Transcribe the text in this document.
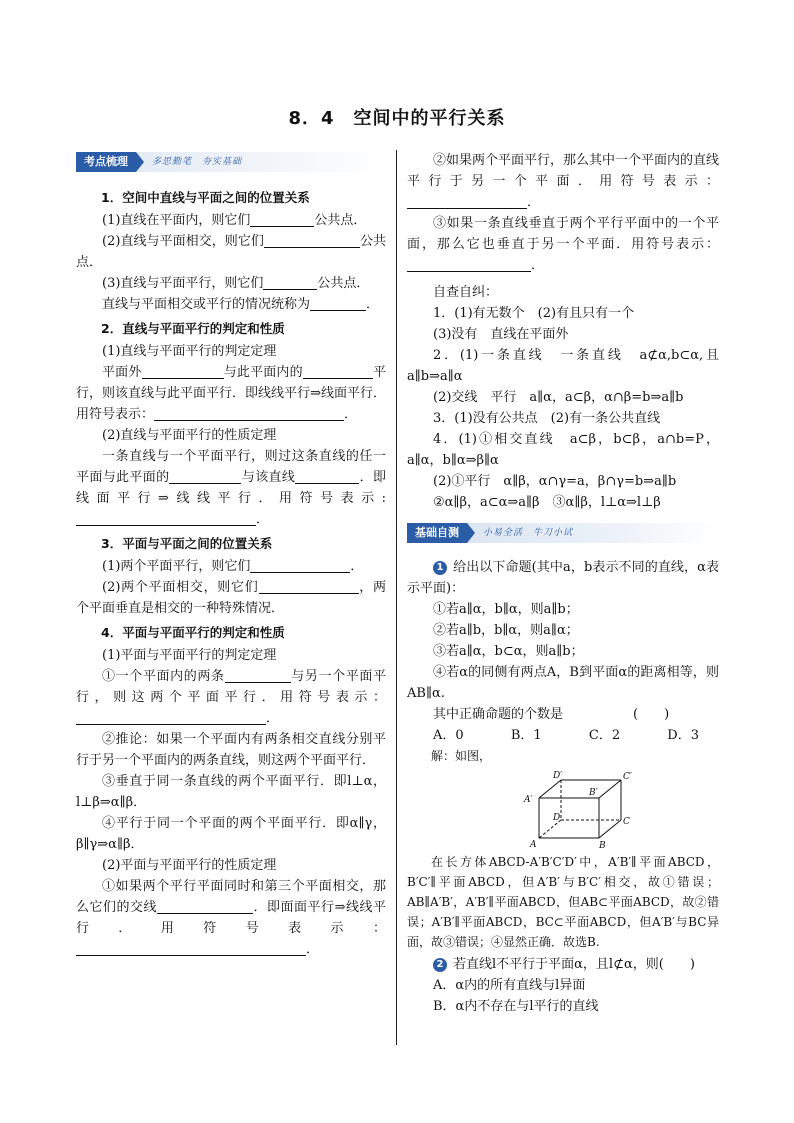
8．4　空间中的平行关系
考点梳理	多思勤笔　夯实基础
1．空间中直线与平面之间的位置关系

(1)直线在平面内，则它们	公共点．

(2)直线与平面相交，则它们	公共点．

(3)直线与平面平行，则它们	公共点．

直线与平面相交或平行的情况统称为	．

2．直线与平面平行的判定和性质

(1)直线与平面平行的判定定理

平面外	与此平面内的	平行，则该直线与此平面平行．即线线平行⇒线面平行．用符号表示：	．

(2)直线与平面平行的性质定理

一条直线与一个平面平行，则过这条直线的任一平面与此平面的	与该直线	．即线面平行⇒线线平行．用符号表示:．

3．平面与平面之间的位置关系

(1)两个平面平行，则它们	．

(2)两个平面相交，则它们	，两个平面垂直是相交的一种特殊情况．

4．平面与平面平行的判定和性质

(1)平面与平面平行的判定定理

①一个平面内的两条	与另一个平面平行，则这两个平面平行．用符号表示：．

②推论：如果一个平面内有两条相交直线分别平行于另一个平面内的两条直线，则这两个平面平行．

③垂直于同一条直线的两个平面平行．即l⊥α，l⊥β⇒α∥β．

④平行于同一个平面的两个平面平行．即α∥γ，β∥γ⇒α∥β．

(2)平面与平面平行的性质定理

①如果两个平行平面同时和第三个平面相交，那么它们的交线	．即面面平行⇒线线平行．用符号表示：．

②如果两个平面平行，那么其中一个平面内的直线平行于另一个平面．用符号表示：．

③如果一条直线垂直于两个平行平面中的一个平面，那么它也垂直于另一个平面．用符号表示：．

自查自纠：

1．(1)有无数个　(2)有且只有一个

(3)没有　直线在平面外

2．(1)一条直线　一条直线　a⊄α,b⊂α,且a∥b⇒a∥α

(2)交线　平行　a∥α，a⊂β，α∩β=b⇒a∥b

3．(1)没有公共点　(2)有一条公共直线

4．(1)①相交直线　a⊂β，b⊂β，a∩b=P，a∥α，b∥α⇒β∥α

(2)①平行　α∥β，α∩γ=a，β∩γ=b⇒a∥b

②α∥β，a⊂α⇒a∥β　③α∥β，l⊥α⇒l⊥β

基础自测	小易全活　牛刀小试

1 给出以下命题(其中a，b表示不同的直线，α表示平面)：

①若a∥α，b∥α，则a∥b；

②若a∥b，b∥α，则a∥α；

③若a∥α，b⊂α，则a∥b；

④若α的同侧有两点A，B到平面α的距离相等，则AB∥α.

其中正确命题的个数是	(　　)

A．0	B．1	C．2	D．3

解：如图，

D′	C′
A′
B′
D	C
A	B

在长方体ABCD-A′B′C′D′中，A′B′∥平面ABCD，B′C′∥平面ABCD，但A′B′与B′C′相交，故①错误；AB∥A′B′，A′B′∥平面ABCD，但AB⊂平面ABCD，故②错误；A′B′∥平面ABCD，BC⊂平面ABCD，但A′B′与BC异面，故③错误；④显然正确．故选B.

2 若直线l不平行于平面α，且l⊄α，则(　　)

A．α内的所有直线与l异面

B．α内不存在与l平行的直线
